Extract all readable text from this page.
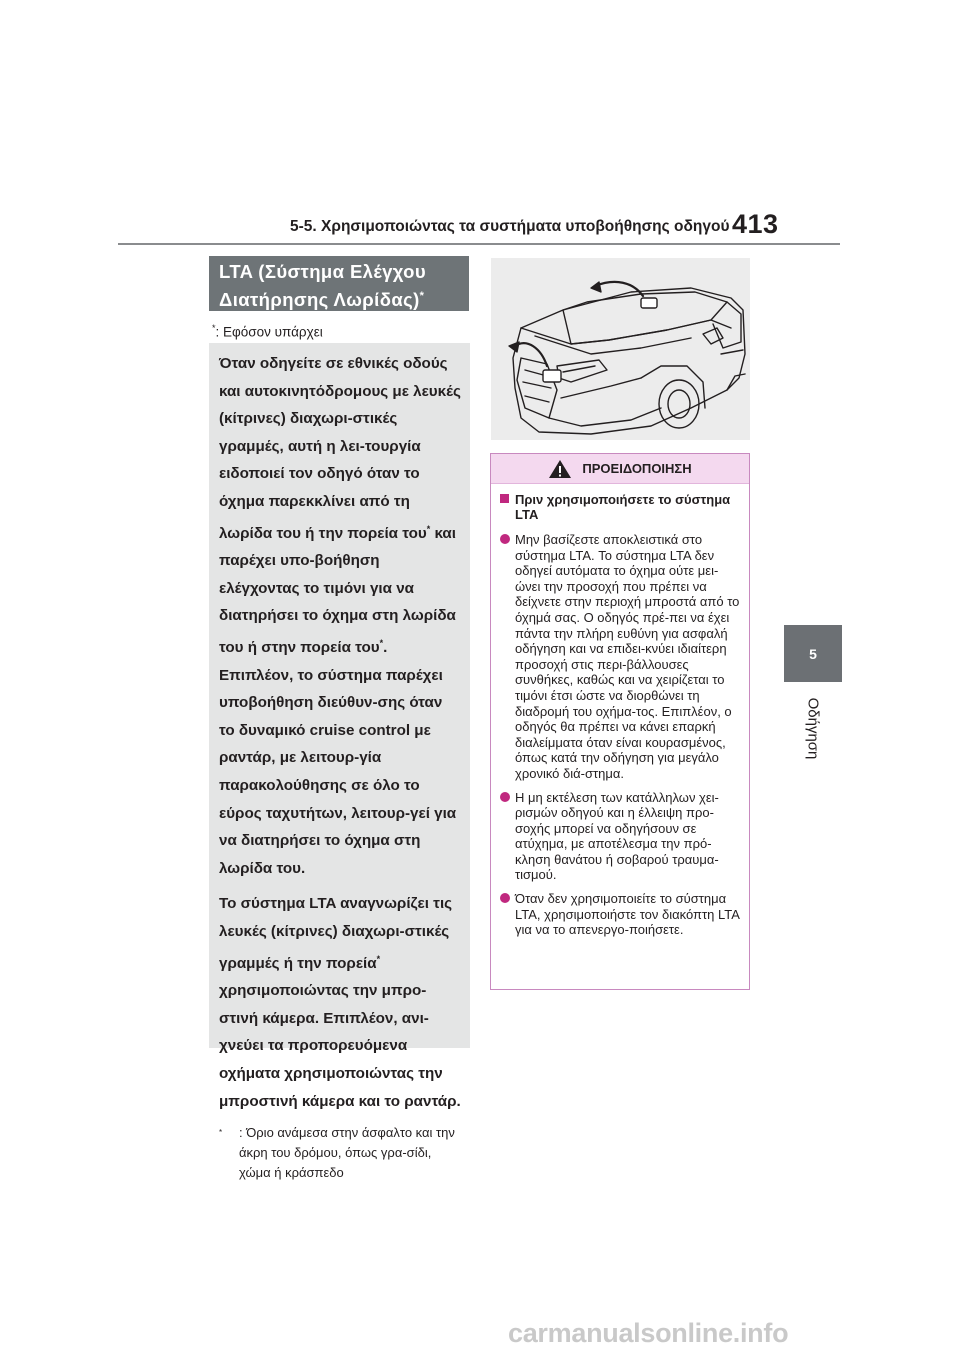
5-5. Χρησιμοποιώντας τα συστήματα υποβοήθησης οδηγού 413
5
Οδήγηση
LTA (Σύστημα Ελέγχου
Διατήρησης Λωρίδας)*
*: Εφόσον υπάρχει

Όταν οδηγείτε σε εθνικές οδούς και αυτοκινητόδρομους με λευκές (κίτρινες) διαχωρι-στικές γραμμές, αυτή η λει-τουργία ειδοποιεί τον οδηγό όταν το όχημα παρεκκλίνει από τη λωρίδα του ή την πορεία του* και παρέχει υπο-βοήθηση ελέγχοντας το τιμόνι για να διατηρήσει το όχημα στη λωρίδα του ή στην πορεία του*. Επιπλέον, το σύστημα παρέχει υποβοήθηση διεύθυν-σης όταν το δυναμικό cruise control με ραντάρ, με λειτουρ-γία παρακολούθησης σε όλο το εύρος ταχυτήτων, λειτουρ-γεί για να διατηρήσει το όχημα στη λωρίδα του.

Το σύστημα LTA αναγνωρίζει τις λευκές (κίτρινες) διαχωρι-στικές γραμμές ή την πορεία* χρησιμοποιώντας την μπρο-στινή κάμερα. Επιπλέον, ανι-χνεύει τα προπορευόμενα οχήματα χρησιμοποιώντας την μπροστινή κάμερα και το ραντάρ.

*	: Όριο ανάμεσα στην άσφαλτο και την άκρη του δρόμου, όπως γρα-σίδι, χώμα ή κράσπεδο
ΠΡΟΕΙΔΟΠΟΙΗΣΗ
Πριν χρησιμοποιήσετε το σύστημα LTA
Μην βασίζεστε αποκλειστικά στο σύστημα LTA. Το σύστημα LTA δεν οδηγεί αυτόματα το όχημα ούτε μει-ώνει την προσοχή που πρέπει να δείχνετε στην περιοχή μπροστά από το όχημά σας. Ο οδηγός πρέ-πει να έχει πάντα την πλήρη ευθύνη για ασφαλή οδήγηση και να επιδει-κνύει ιδιαίτερη προσοχή στις περι-βάλλουσες συνθήκες, καθώς και να χειρίζεται το τιμόνι έτσι ώστε να διορθώνει τη διαδρομή του οχήμα-τος. Επιπλέον, ο οδηγός θα πρέπει να κάνει επαρκή διαλείμματα όταν είναι κουρασμένος, όπως κατά την οδήγηση για μεγάλο χρονικό διά-στημα.
Η μη εκτέλεση των κατάλληλων χει-ρισμών οδηγού και η έλλειψη προ-σοχής μπορεί να οδηγήσουν σε ατύχημα, με αποτέλεσμα την πρό-κληση θανάτου ή σοβαρού τραυμα-τισμού.
Όταν δεν χρησιμοποιείτε το σύστημα LTA, χρησιμοποιήστε τον διακόπτη LTA για να το απενεργο-ποιήσετε.
carmanualsonline.info
